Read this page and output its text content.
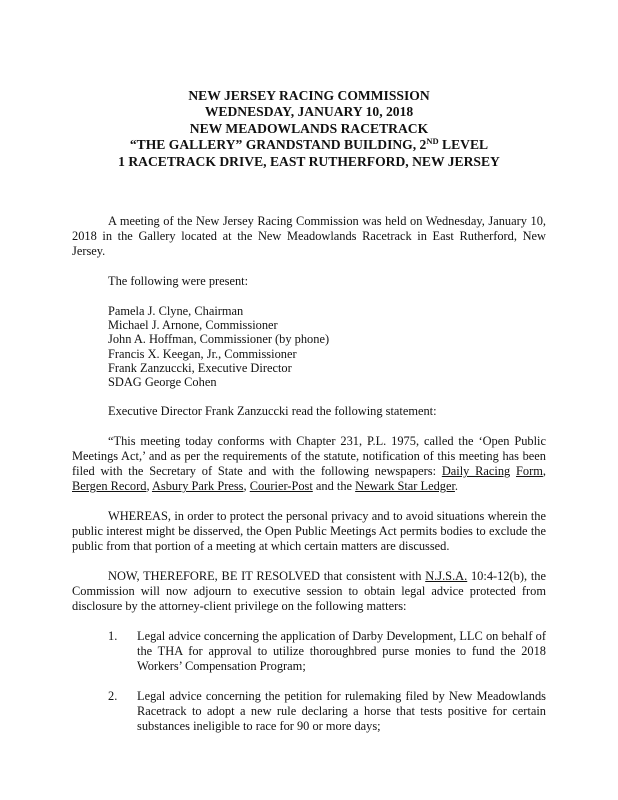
NEW JERSEY RACING COMMISSION
WEDNESDAY, JANUARY 10, 2018
NEW MEADOWLANDS RACETRACK
“THE GALLERY” GRANDSTAND BUILDING, 2ND LEVEL
1 RACETRACK DRIVE, EAST RUTHERFORD, NEW JERSEY

A meeting of the New Jersey Racing Commission was held on Wednesday, January 10, 2018 in the Gallery located at the New Meadowlands Racetrack in East Rutherford, New Jersey.

The following were present:

Pamela J. Clyne, Chairman
Michael J. Arnone, Commissioner
John A. Hoffman, Commissioner (by phone)
Francis X. Keegan, Jr., Commissioner
Frank Zanzuccki, Executive Director
SDAG George Cohen

Executive Director Frank Zanzuccki read the following statement:

“This meeting today conforms with Chapter 231, P.L. 1975, called the ‘Open Public Meetings Act,’ and as per the requirements of the statute, notification of this meeting has been filed with the Secretary of State and with the following newspapers: Daily Racing Form, Bergen Record, Asbury Park Press, Courier-Post and the Newark Star Ledger.

WHEREAS, in order to protect the personal privacy and to avoid situations wherein the public interest might be disserved, the Open Public Meetings Act permits bodies to exclude the public from that portion of a meeting at which certain matters are discussed.

NOW, THEREFORE, BE IT RESOLVED that consistent with N.J.S.A. 10:4-12(b), the Commission will now adjourn to executive session to obtain legal advice protected from disclosure by the attorney-client privilege on the following matters:

1. Legal advice concerning the application of Darby Development, LLC on behalf of the THA for approval to utilize thoroughbred purse monies to fund the 2018 Workers’ Compensation Program;
2. Legal advice concerning the petition for rulemaking filed by New Meadowlands Racetrack to adopt a new rule declaring a horse that tests positive for certain substances ineligible to race for 90 or more days;
